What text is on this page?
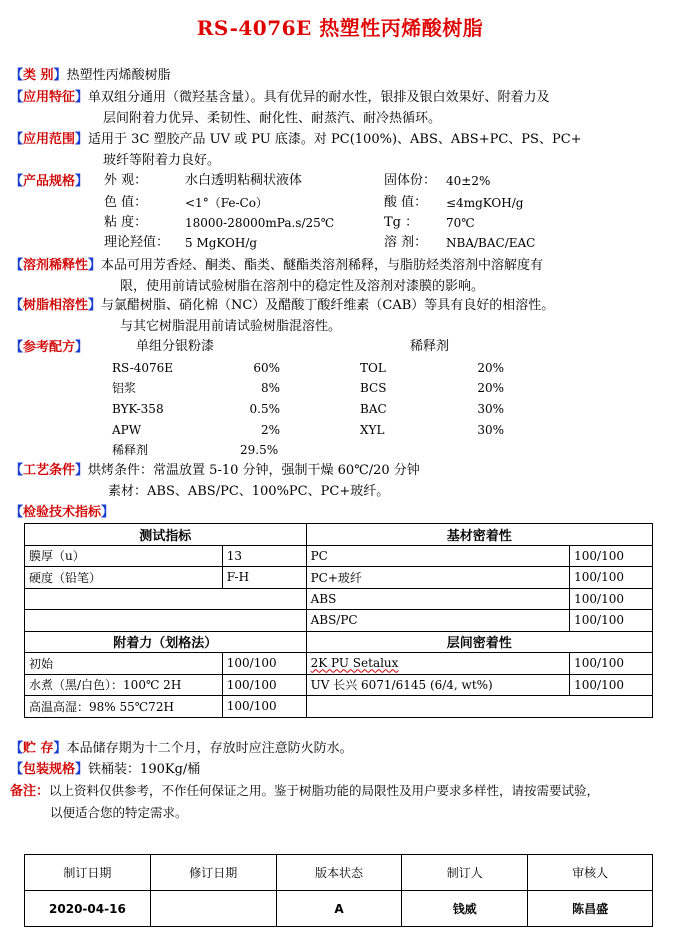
RS-4076E 热塑性丙烯酸树脂
【类 别】热塑性丙烯酸树脂
【应用特征】单双组分通用（微羟基含量）。具有优异的耐水性，银排及银白效果好、附着力及
层间附着力优异、柔韧性、耐化性、耐蒸汽、耐冷热循环。
【应用范围】适用于 3C 塑胶产品 UV 或 PU 底漆。对 PC(100%)、ABS、ABS+PC、PS、PC+
玻纤等附着力良好。
【产品规格】	外 观：	水白透明粘稠状液体	固体份： 40±2%
色 值：	<1°（Fe-Co）	酸 值： ≤4mgKOH/g
粘 度：	18000-28000mPa.s/25℃	Tg ： 70℃
理论羟值： 5 MgKOH/g	溶 剂： NBA/BAC/EAC
【溶剂稀释性】本品可用芳香烃、酮类、酯类、醚酯类溶剂稀释，与脂肪烃类溶剂中溶解度有
限，使用前请试验树脂在溶剂中的稳定性及溶剂对漆膜的影响。
【树脂相溶性】与氯醋树脂、硝化棉（NC）及醋酸丁酸纤维素（CAB）等具有良好的相溶性。
与其它树脂混用前请试验树脂混溶性。
【参考配方】	单组分银粉漆	稀释剂
RS-4076E	60%
铝浆	8%
BYK-358	0.5%
APW	2%
稀释剂	29.5%
TOL	20%
BCS	20%
BAC	30%
XYL	30%
【工艺条件】烘烤条件：常温放置 5-10 分钟，强制干燥 60℃/20 分钟
素材：ABS、ABS/PC、100%PC、PC+玻纤。
【检验技术指标】
测试指标		基材密着性	
膜厚（u）	13	PC	100/100
硬度（铅笔）	F-H	PC+玻纤	100/100
		ABS	100/100
		ABS/PC	100/100
附着力（划格法）		层间密着性	
初始	100/100	2K PU Setalux	100/100
水煮（黑/白色）：100℃ 2H	100/100	UV 长兴 6071/6145 (6/4, wt%)	100/100
高温高湿：98% 55℃72H	100/100		
【贮 存】本品储存期为十二个月，存放时应注意防火防水。
【包装规格】铁桶装：190Kg/桶
备注：以上资料仅供参考，不作任何保证之用。鉴于树脂功能的局限性及用户要求多样性，请按需要试验，
以便适合您的特定需求。
制订日期	修订日期	版本状态	制订人	审核人
2020-04-16		A	钱威	陈昌盛
